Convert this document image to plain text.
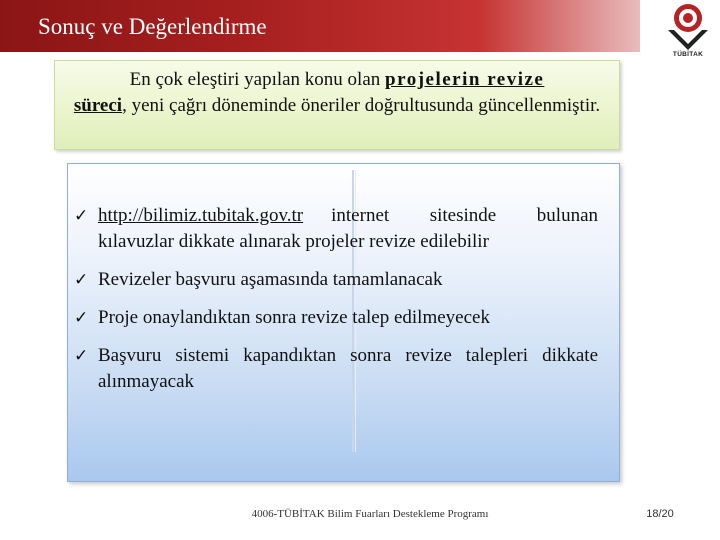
Sonuç ve Değerlendirme
TÜBİTAK
En çok eleştiri yapılan konu olan projelerin revize
süreci, yeni çağrı döneminde öneriler doğrultusunda güncellenmiştir.
✓ http://bilimiz.tubitak.gov.tr internet sitesinde bulunan kılavuzlar dikkate alınarak projeler revize edilebilir
✓ Revizeler başvuru aşamasında tamamlanacak
✓ Proje onaylandıktan sonra revize talep edilmeyecek
✓ Başvuru sistemi kapandıktan sonra revize talepleri dikkate alınmayacak
4006-TÜBİTAK Bilim Fuarları Destekleme Programı	18/20
